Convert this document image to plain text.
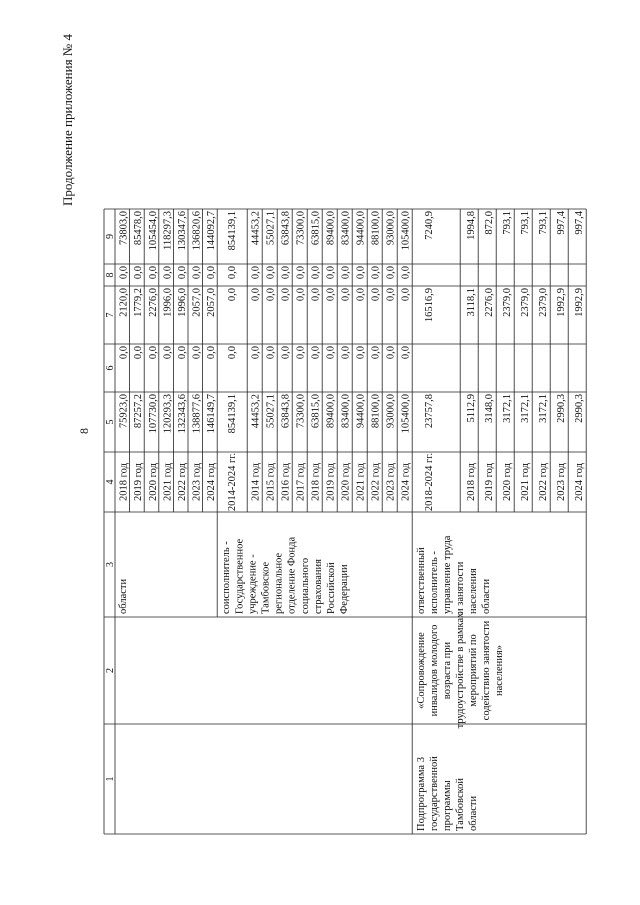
8
Продолжение приложения № 4
1
2
3
4
5
6
7
8
9
2018 год
75923,0
0,0
2120,0
0,0
73803,0
2019 год
87257,2
0,0
1779,2
0,0
85478,0
2020 год
107730,0
0,0
2276,0
0,0
105454,0
2021 год
120293,3
0,0
1996,0
0,0
118297,3
2022 год
132343,6
0,0
1996,0
0,0
130347,6
2023 год
138877,6
0,0
2057,0
0,0
136820,6
2024 год
146149,7
0,0
2057,0
0,0
144092,7
области
2014-2024 гг.
854139,1
0,0
0,0
0,0
854139,1
2014 год
44453,2
0,0
0,0
0,0
44453,2
2015 год
55027,1
0,0
0,0
0,0
55027,1
2016 год
63843,8
0,0
0,0
0,0
63843,8
2017 год
73300,0
0,0
0,0
0,0
73300,0
2018 год
63815,0
0,0
0,0
0,0
63815,0
2019 год
89400,0
0,0
0,0
0,0
89400,0
2020 год
83400,0
0,0
0,0
0,0
83400,0
2021 год
94400,0
0,0
0,0
0,0
94400,0
2022 год
88100,0
0,0
0,0
0,0
88100,0
2023 год
93000,0
0,0
0,0
0,0
93000,0
2024 год
105400,0
0,0
0,0
0,0
105400,0
соисполнитель - Государственное учреждение - Тамбовское региональное отделение Фонда социального страхования Российской Федерации
2018-2024 гг.
23757,8
16516,9
7240,9
2018 год
5112,9
3118,1
1994,8
2019 год
3148,0
2276,0
872,0
2020 год
3172,1
2379,0
793,1
2021 год
3172,1
2379,0
793,1
2022 год
3172,1
2379,0
793,1
2023 год
2990,3
1992,9
997,4
2024 год
2990,3
1992,9
997,4
Подпрограмма 3 государственной программы Тамбовской области
«Сопровождение инвалидов молодого возраста при трудоустройстве в рамках мероприятий по содействию занятости населения»
ответственный исполнитель - управление труда и занятости населения области
